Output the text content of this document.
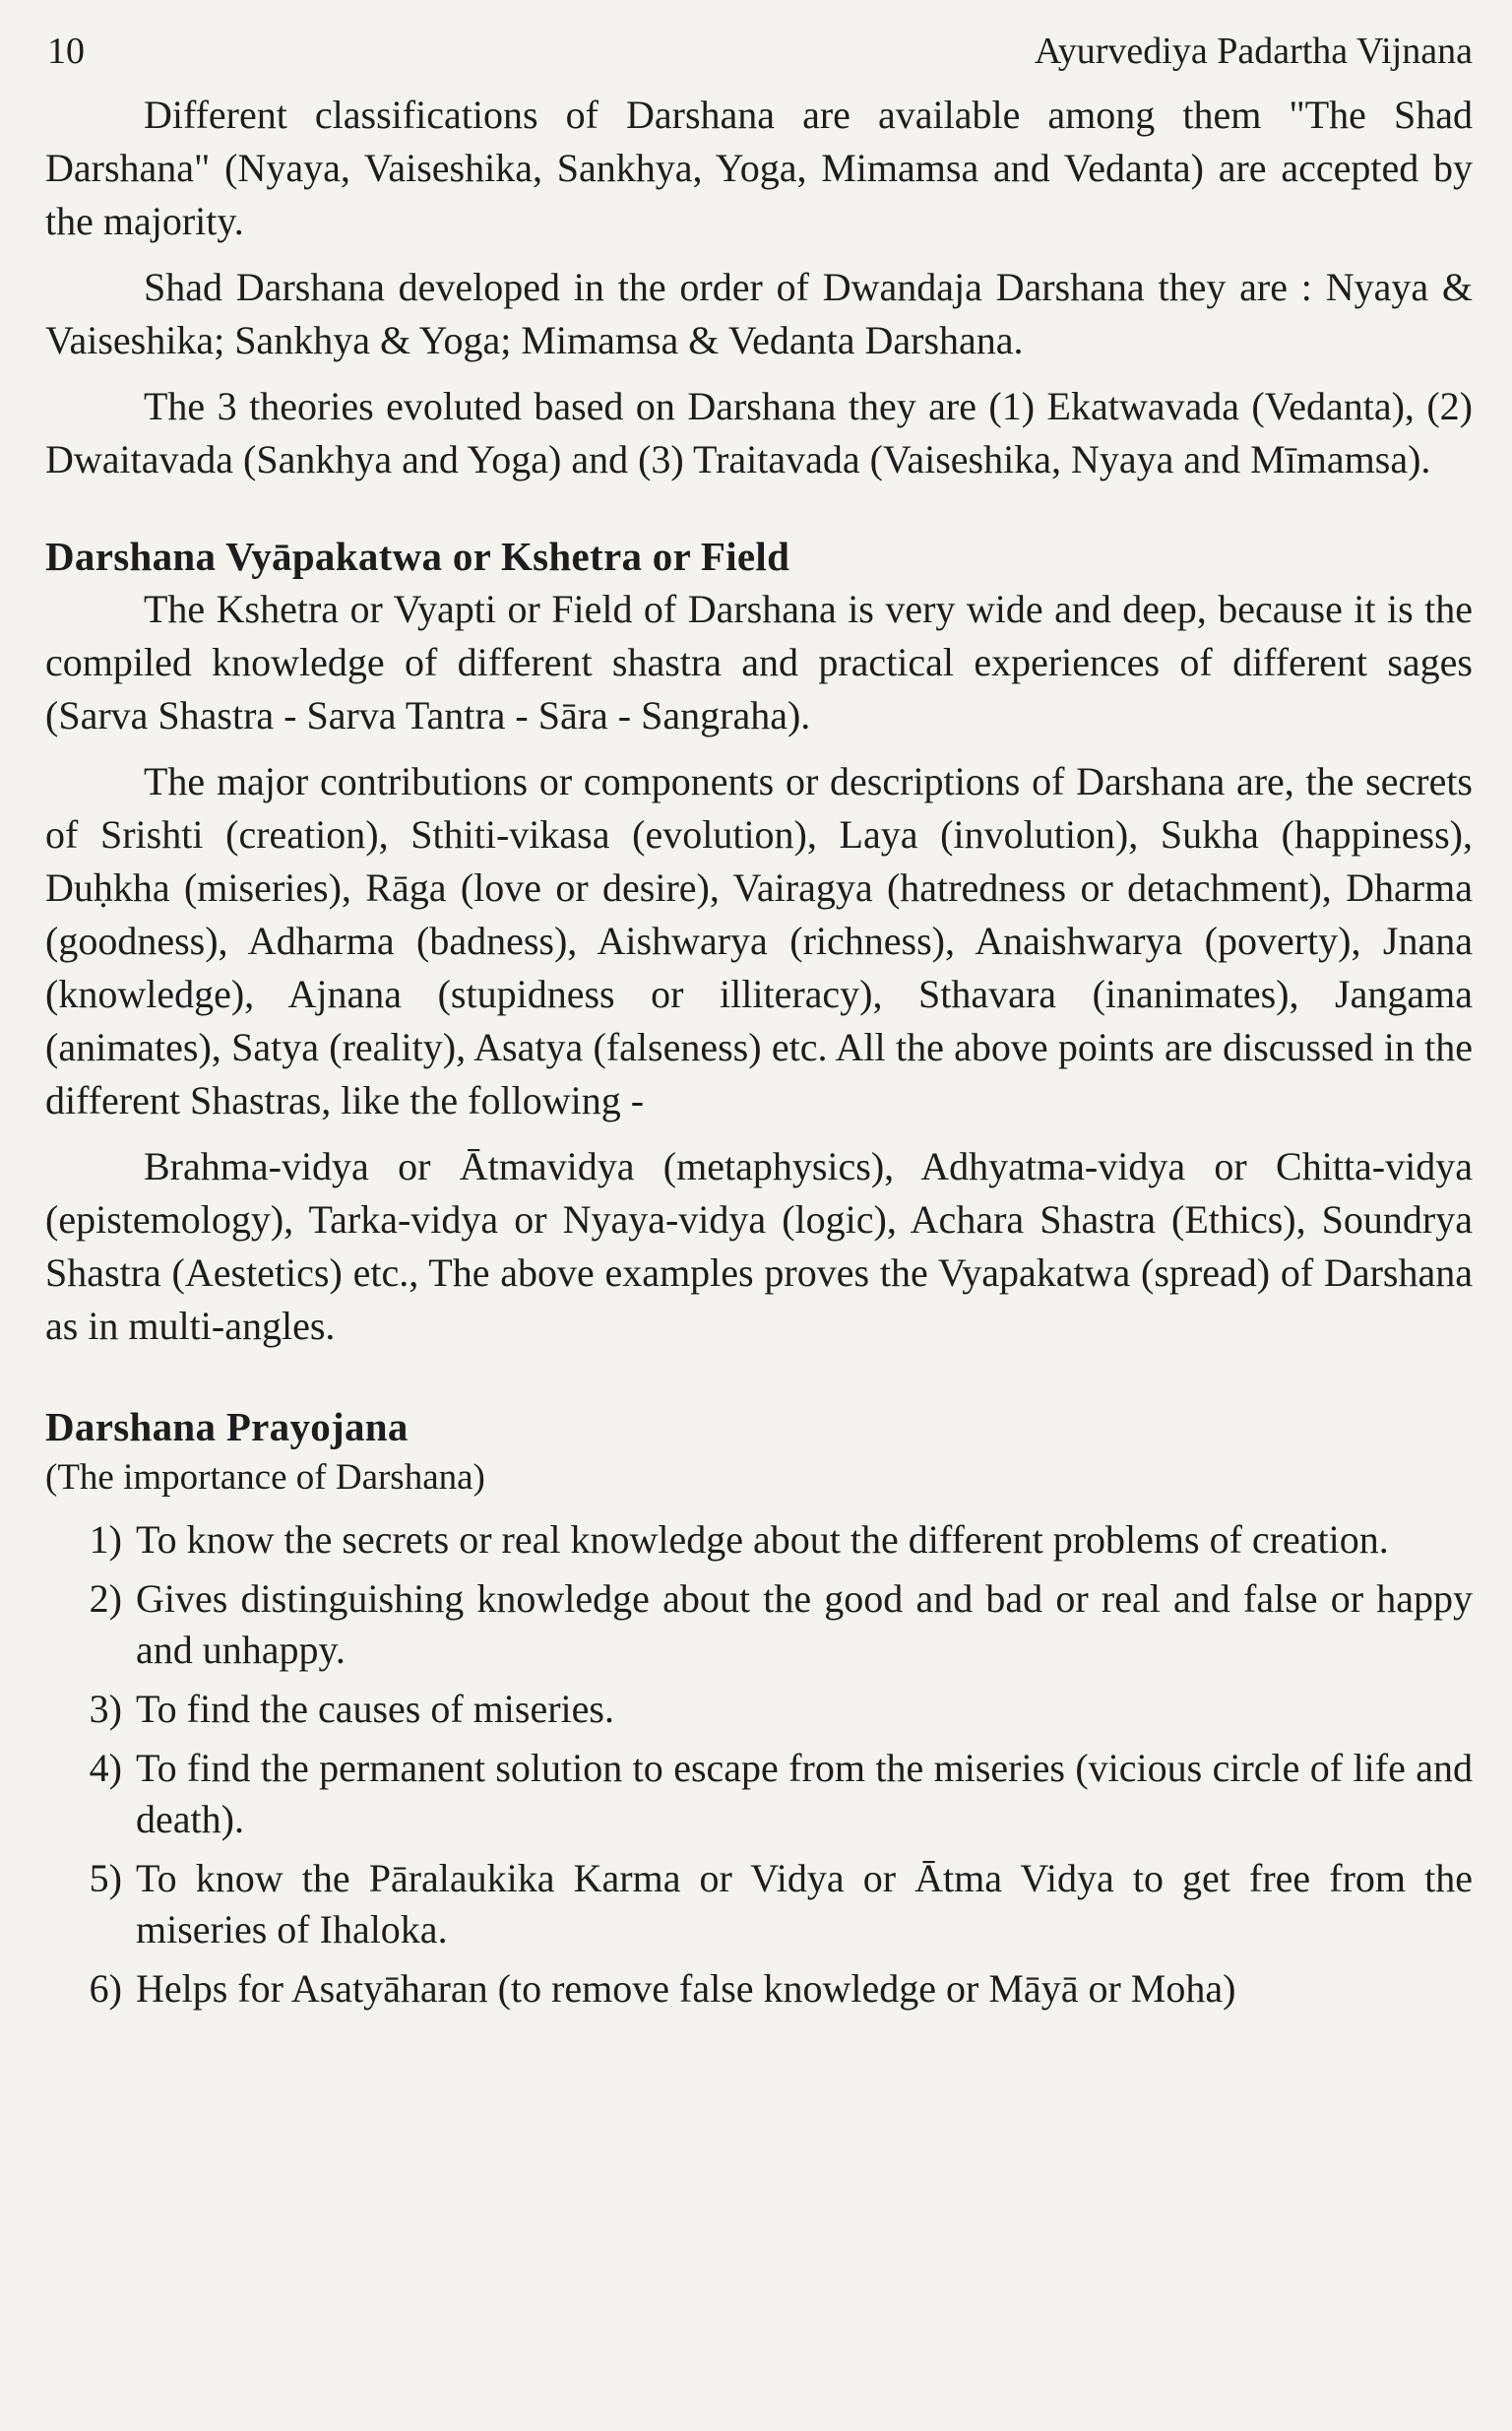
10	Ayurvediya Padartha Vijnana

Different classifications of Darshana are available among them "The Shad Darshana" (Nyaya, Vaiseshika, Sankhya, Yoga, Mimamsa and Vedanta) are accepted by the majority.

Shad Darshana developed in the order of Dwandaja Darshana they are : Nyaya & Vaiseshika; Sankhya & Yoga; Mimamsa & Vedanta Darshana.

The 3 theories evoluted based on Darshana they are (1) Ekatwavada (Vedanta), (2) Dwaitavada (Sankhya and Yoga) and (3) Traitavada (Vaiseshika, Nyaya and Mīmamsa).

Darshana Vyāpakatwa or Kshetra or Field

The Kshetra or Vyapti or Field of Darshana is very wide and deep, because it is the compiled knowledge of different shastra and practical experiences of different sages (Sarva Shastra - Sarva Tantra - Sāra - Sangraha).

The major contributions or components or descriptions of Darshana are, the secrets of Srishti (creation), Sthiti-vikasa (evolution), Laya (involution), Sukha (happiness), Duḥkha (miseries), Rāga (love or desire), Vairagya (hatredness or detachment), Dharma (goodness), Adharma (badness), Aishwarya (richness), Anaishwarya (poverty), Jnana (knowledge), Ajnana (stupidness or illiteracy), Sthavara (inanimates), Jangama (animates), Satya (reality), Asatya (falseness) etc. All the above points are discussed in the different Shastras, like the following -

Brahma-vidya or Ātmavidya (metaphysics), Adhyatma-vidya or Chitta-vidya (epistemology), Tarka-vidya or Nyaya-vidya (logic), Achara Shastra (Ethics), Soundrya Shastra (Aestetics) etc., The above examples proves the Vyapakatwa (spread) of Darshana as in multi-angles.

Darshana Prayojana
(The importance of Darshana)
1) To know the secrets or real knowledge about the different problems of creation.
2) Gives distinguishing knowledge about the good and bad or real and false or happy and unhappy.
3) To find the causes of miseries.
4) To find the permanent solution to escape from the miseries (vicious circle of life and death).
5) To know the Pāralaukika Karma or Vidya or Ātma Vidya to get free from the miseries of Ihaloka.
6) Helps for Asatyāharan (to remove false knowledge or Māyā or Moha)
